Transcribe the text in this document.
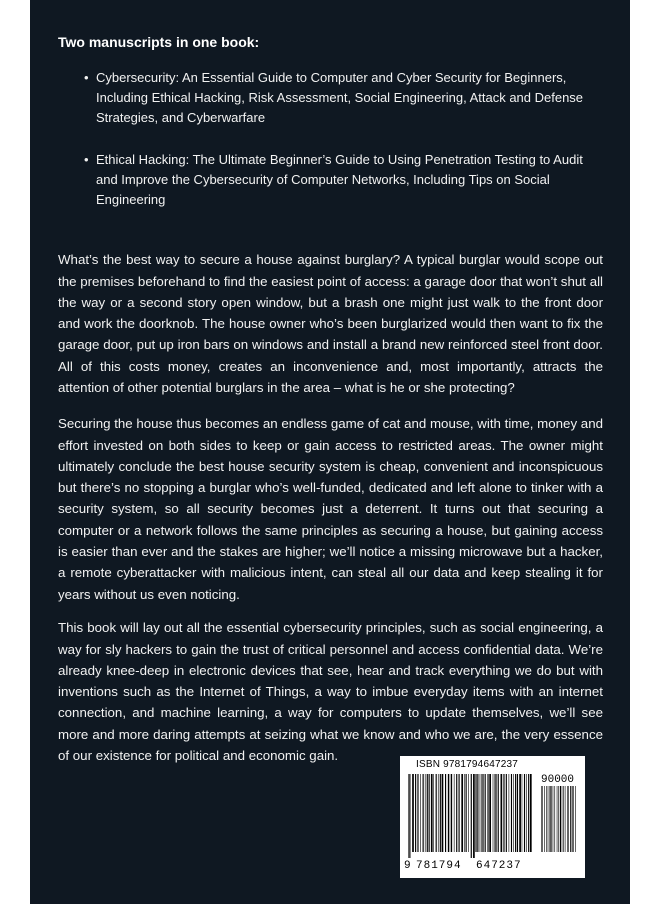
Two manuscripts in one book:
• Cybersecurity: An Essential Guide to Computer and Cyber Security for Beginners, Including Ethical Hacking, Risk Assessment, Social Engineering, Attack and Defense Strategies, and Cyberwarfare
• Ethical Hacking: The Ultimate Beginner’s Guide to Using Penetration Testing to Audit and Improve the Cybersecurity of Computer Networks, Including Tips on Social Engineering

What’s the best way to secure a house against burglary? A typical burglar would scope out the premises beforehand to find the easiest point of access: a garage door that won’t shut all the way or a second story open window, but a brash one might just walk to the front door and work the doorknob. The house owner who’s been burglarized would then want to fix the garage door, put up iron bars on windows and install a brand new reinforced steel front door. All of this costs money, creates an inconvenience and, most importantly, attracts the attention of other potential burglars in the area – what is he or she protecting?

Securing the house thus becomes an endless game of cat and mouse, with time, money and effort invested on both sides to keep or gain access to restricted areas. The owner might ultimately conclude the best house security system is cheap, convenient and inconspicuous but there’s no stopping a burglar who’s well-funded, dedicated and left alone to tinker with a security system, so all security becomes just a deterrent. It turns out that securing a computer or a network follows the same principles as securing a house, but gaining access is easier than ever and the stakes are higher; we’ll notice a missing microwave but a hacker, a remote cyberattacker with malicious intent, can steal all our data and keep stealing it for years without us even noticing.

This book will lay out all the essential cybersecurity principles, such as social engineering, a way for sly hackers to gain the trust of critical personnel and access confidential data. We’re already knee-deep in electronic devices that see, hear and track everything we do but with inventions such as the Internet of Things, a way to imbue everyday items with an internet connection, and machine learning, a way for computers to update themselves, we’ll see more and more daring attempts at seizing what we know and who we are, the very essence of our existence for political and economic gain.

ISBN 9781794647237
90000
9 781794 647237
